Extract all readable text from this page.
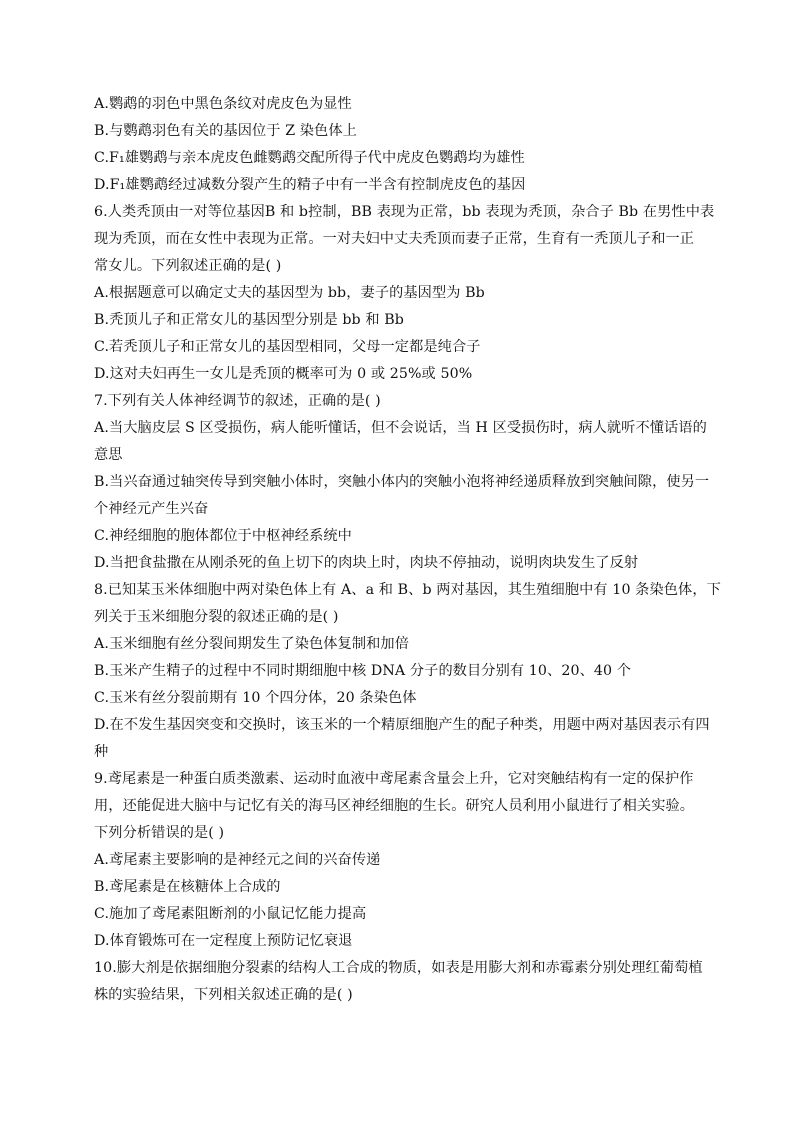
A.鹦鹉的羽色中黑色条纹对虎皮色为显性
B.与鹦鹉羽色有关的基因位于 Z 染色体上
C.F₁雄鹦鹉与亲本虎皮色雌鹦鹉交配所得子代中虎皮色鹦鹉均为雄性
D.F₁雄鹦鹉经过减数分裂产生的精子中有一半含有控制虎皮色的基因
6.人类秃顶由一对等位基因B 和 b控制，BB 表现为正常，bb 表现为秃顶，杂合子 Bb 在男性中表
现为秃顶，而在女性中表现为正常。一对夫妇中丈夫秃顶而妻子正常，生育有一秃顶儿子和一正
常女儿。下列叙述正确的是( )
A.根据题意可以确定丈夫的基因型为 bb，妻子的基因型为 Bb
B.秃顶儿子和正常女儿的基因型分别是 bb 和 Bb
C.若秃顶儿子和正常女儿的基因型相同，父母一定都是纯合子
D.这对夫妇再生一女儿是秃顶的概率可为 0 或 25%或 50%
7.下列有关人体神经调节的叙述，正确的是( )
A.当大脑皮层 S 区受损伤，病人能听懂话，但不会说话，当 H 区受损伤时，病人就听不懂话语的
意思
B.当兴奋通过轴突传导到突触小体时，突触小体内的突触小泡将神经递质释放到突触间隙，使另一
个神经元产生兴奋
C.神经细胞的胞体都位于中枢神经系统中
D.当把食盐撒在从刚杀死的鱼上切下的肉块上时，肉块不停抽动，说明肉块发生了反射
8.已知某玉米体细胞中两对染色体上有 A、a 和 B、b 两对基因，其生殖细胞中有 10 条染色体，下
列关于玉米细胞分裂的叙述正确的是( )
A.玉米细胞有丝分裂间期发生了染色体复制和加倍
B.玉米产生精子的过程中不同时期细胞中核 DNA 分子的数目分别有 10、20、40 个
C.玉米有丝分裂前期有 10 个四分体，20 条染色体
D.在不发生基因突变和交换时，该玉米的一个精原细胞产生的配子种类，用题中两对基因表示有四
种
9.鸢尾素是一种蛋白质类激素、运动时血液中鸢尾素含量会上升，它对突触结构有一定的保护作
用，还能促进大脑中与记忆有关的海马区神经细胞的生长。研究人员利用小鼠进行了相关实验。
下列分析错误的是( )
A.鸢尾素主要影响的是神经元之间的兴奋传递
B.鸢尾素是在核糖体上合成的
C.施加了鸢尾素阻断剂的小鼠记忆能力提高
D.体育锻炼可在一定程度上预防记忆衰退
10.膨大剂是依据细胞分裂素的结构人工合成的物质，如表是用膨大剂和赤霉素分别处理红葡萄植
株的实验结果，下列相关叙述正确的是( )
